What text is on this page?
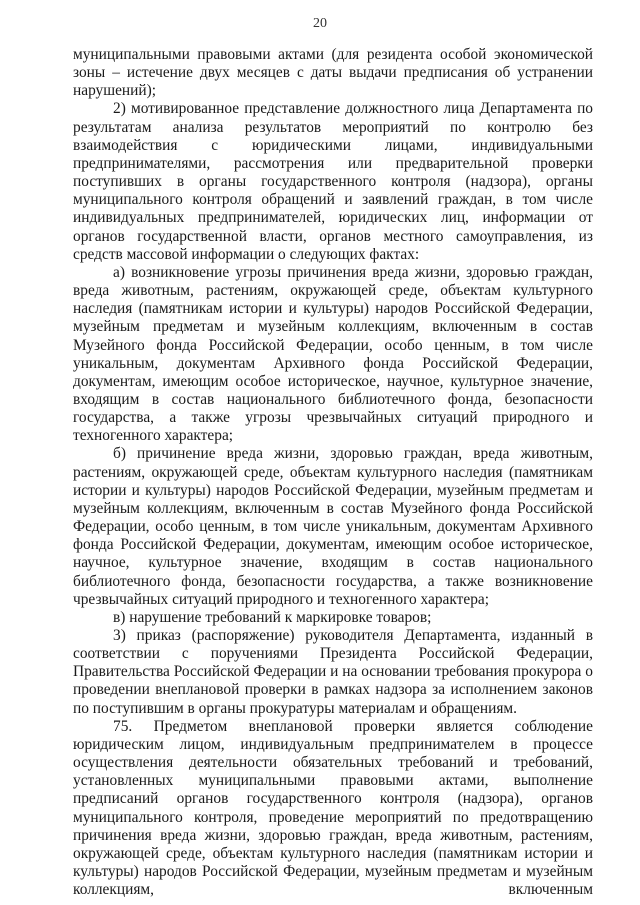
20

муниципальными правовыми актами (для резидента особой экономической зоны – истечение двух месяцев с даты выдачи предписания об устранении нарушений);

2) мотивированное представление должностного лица Департамента по результатам анализа результатов мероприятий по контролю без взаимодействия с юридическими лицами, индивидуальными предпринимателями, рассмотрения или предварительной проверки поступивших в органы государственного контроля (надзора), органы муниципального контроля обращений и заявлений граждан, в том числе индивидуальных предпринимателей, юридических лиц, информации от органов государственной власти, органов местного самоуправления, из средств массовой информации о следующих фактах:

а) возникновение угрозы причинения вреда жизни, здоровью граждан, вреда животным, растениям, окружающей среде, объектам культурного наследия (памятникам истории и культуры) народов Российской Федерации, музейным предметам и музейным коллекциям, включенным в состав Музейного фонда Российской Федерации, особо ценным, в том числе уникальным, документам Архивного фонда Российской Федерации, документам, имеющим особое историческое, научное, культурное значение, входящим в состав национального библиотечного фонда, безопасности государства, а также угрозы чрезвычайных ситуаций природного и техногенного характера;

б) причинение вреда жизни, здоровью граждан, вреда животным, растениям, окружающей среде, объектам культурного наследия (памятникам истории и культуры) народов Российской Федерации, музейным предметам и музейным коллекциям, включенным в состав Музейного фонда Российской Федерации, особо ценным, в том числе уникальным, документам Архивного фонда Российской Федерации, документам, имеющим особое историческое, научное, культурное значение, входящим в состав национального библиотечного фонда, безопасности государства, а также возникновение чрезвычайных ситуаций природного и техногенного характера;

в) нарушение требований к маркировке товаров;

3) приказ (распоряжение) руководителя Департамента, изданный в соответствии с поручениями Президента Российской Федерации, Правительства Российской Федерации и на основании требования прокурора о проведении внеплановой проверки в рамках надзора за исполнением законов по поступившим в органы прокуратуры материалам и обращениям.

75. Предметом внеплановой проверки является соблюдение юридическим лицом, индивидуальным предпринимателем в процессе осуществления деятельности обязательных требований и требований, установленных муниципальными правовыми актами, выполнение предписаний органов государственного контроля (надзора), органов муниципального контроля, проведение мероприятий по предотвращению причинения вреда жизни, здоровью граждан, вреда животным, растениям, окружающей среде, объектам культурного наследия (памятникам истории и культуры) народов Российской Федерации, музейным предметам и музейным коллекциям, включенным
